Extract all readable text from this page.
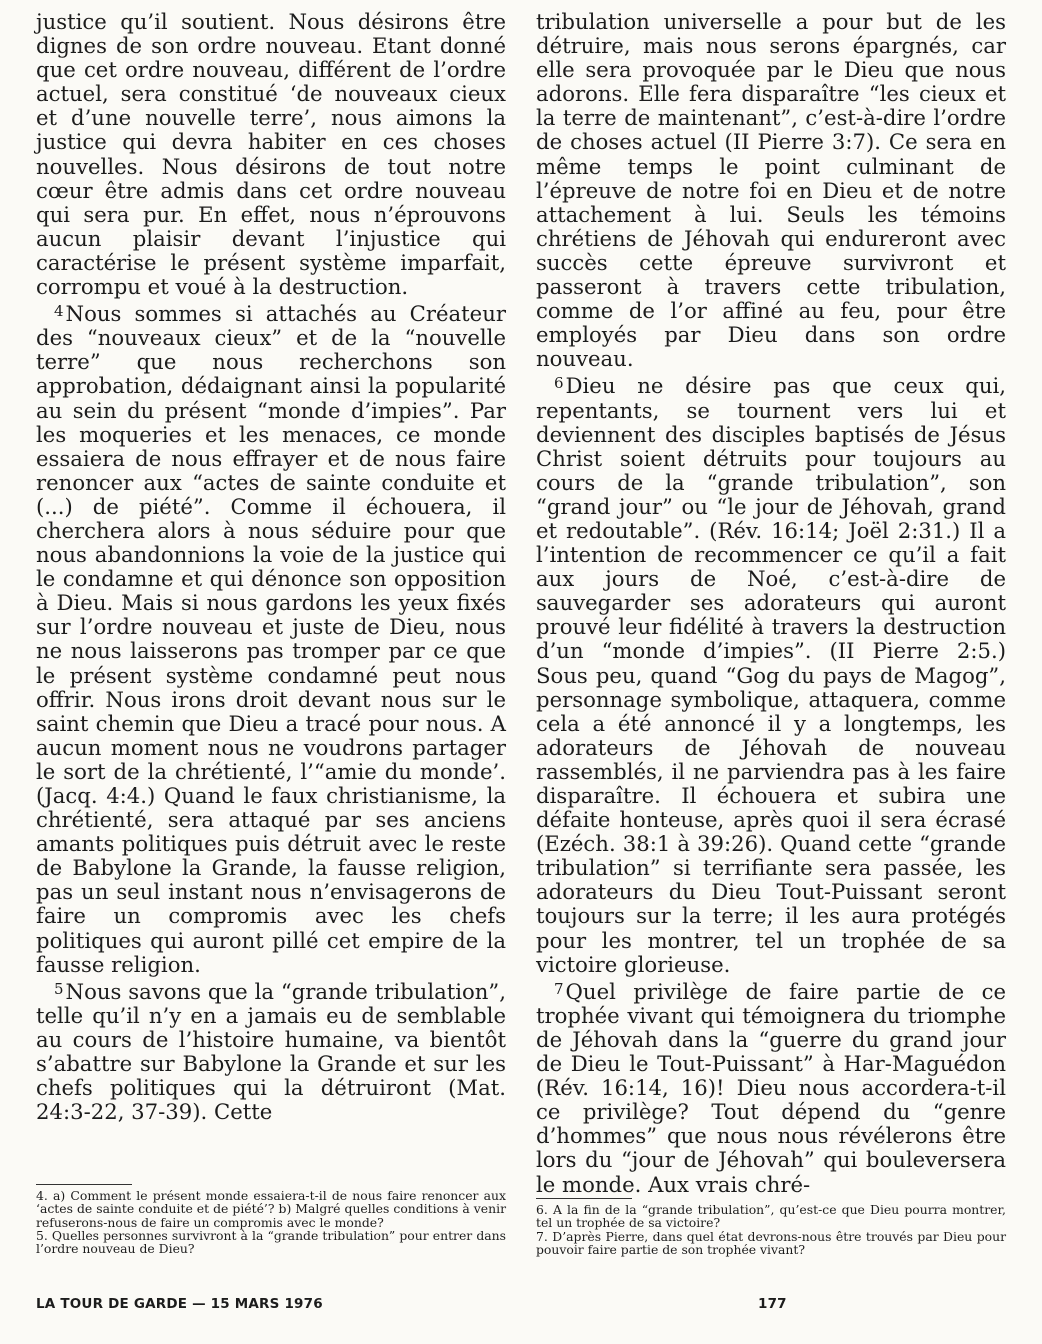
justice qu’il soutient. Nous désirons être dignes de son ordre nouveau. Etant donné que cet ordre nouveau, différent de l’ordre actuel, sera constitué ‘de nouveaux cieux et d’une nouvelle terre’, nous aimons la justice qui devra habiter en ces choses nouvelles. Nous désirons de tout notre cœur être admis dans cet ordre nouveau qui sera pur. En effet, nous n’éprouvons aucun plaisir devant l’injustice qui caractérise le présent système imparfait, corrompu et voué à la destruction.

$^4$Nous sommes si attachés au Créateur des “nouveaux cieux” et de la “nouvelle terre” que nous recherchons son approbation, dédaignant ainsi la popularité au sein du présent “monde d’impies”. Par les moqueries et les menaces, ce monde essaiera de nous effrayer et de nous faire renoncer aux “actes de sainte conduite et (...) de piété”. Comme il échouera, il cherchera alors à nous séduire pour que nous abandonnions la voie de la justice qui le condamne et qui dénonce son opposition à Dieu. Mais si nous gardons les yeux fixés sur l’ordre nouveau et juste de Dieu, nous ne nous laisserons pas tromper par ce que le présent système condamné peut nous offrir. Nous irons droit devant nous sur le saint chemin que Dieu a tracé pour nous. A aucun moment nous ne voudrons partager le sort de la chrétienté, l’“amie du monde’. (Jacq. 4:4.) Quand le faux christianisme, la chrétienté, sera attaqué par ses anciens amants politiques puis détruit avec le reste de Babylone la Grande, la fausse religion, pas un seul instant nous n’envisagerons de faire un compromis avec les chefs politiques qui auront pillé cet empire de la fausse religion.

$^5$Nous savons que la “grande tribulation”, telle qu’il n’y en a jamais eu de semblable au cours de l’histoire humaine, va bientôt s’abattre sur Babylone la Grande et sur les chefs politiques qui la détruiront (Mat. 24:3-22, 37-39). Cette

tribulation universelle a pour but de les détruire, mais nous serons épargnés, car elle sera provoquée par le Dieu que nous adorons. Elle fera disparaître “les cieux et la terre de maintenant”, c’est-à-dire l’ordre de choses actuel (II Pierre 3:7). Ce sera en même temps le point culminant de l’épreuve de notre foi en Dieu et de notre attachement à lui. Seuls les témoins chrétiens de Jéhovah qui endureront avec succès cette épreuve survivront et passeront à travers cette tribulation, comme de l’or affiné au feu, pour être employés par Dieu dans son ordre nouveau.

$^6$Dieu ne désire pas que ceux qui, repentants, se tournent vers lui et deviennent des disciples baptisés de Jésus Christ soient détruits pour toujours au cours de la “grande tribulation”, son “grand jour” ou “le jour de Jéhovah, grand et redoutable”. (Rév. 16:14; Joël 2:31.) Il a l’intention de recommencer ce qu’il a fait aux jours de Noé, c’est-à-dire de sauvegarder ses adorateurs qui auront prouvé leur fidélité à travers la destruction d’un “monde d’impies”. (II Pierre 2:5.) Sous peu, quand “Gog du pays de Magog”, personnage symbolique, attaquera, comme cela a été annoncé il y a longtemps, les adorateurs de Jéhovah de nouveau rassemblés, il ne parviendra pas à les faire disparaître. Il échouera et subira une défaite honteuse, après quoi il sera écrasé (Ezéch. 38:1 à 39:26). Quand cette “grande tribulation” si terrifiante sera passée, les adorateurs du Dieu Tout-Puissant seront toujours sur la terre; il les aura protégés pour les montrer, tel un trophée de sa victoire glorieuse.

$^7$Quel privilège de faire partie de ce trophée vivant qui témoignera du triomphe de Jéhovah dans la “guerre du grand jour de Dieu le Tout-Puissant” à Har-Maguédon (Rév. 16:14, 16)! Dieu nous accordera-t-il ce privilège? Tout dépend du “genre d’hommes” que nous nous révélerons être lors du “jour de Jéhovah” qui bouleversera le monde. Aux vrais chré-

4. a) Comment le présent monde essaiera-t-il de nous faire renoncer aux ‘actes de sainte conduite et de piété’? b) Malgré quelles conditions à venir refuserons-nous de faire un compromis avec le monde?

5. Quelles personnes survivront à la “grande tribulation” pour entrer dans l’ordre nouveau de Dieu?

6. A la fin de la “grande tribulation”, qu’est-ce que Dieu pourra montrer, tel un trophée de sa victoire?

7. D’après Pierre, dans quel état devrons-nous être trouvés par Dieu pour pouvoir faire partie de son trophée vivant?

LA TOUR DE GARDE — 15 MARS 1976	177
